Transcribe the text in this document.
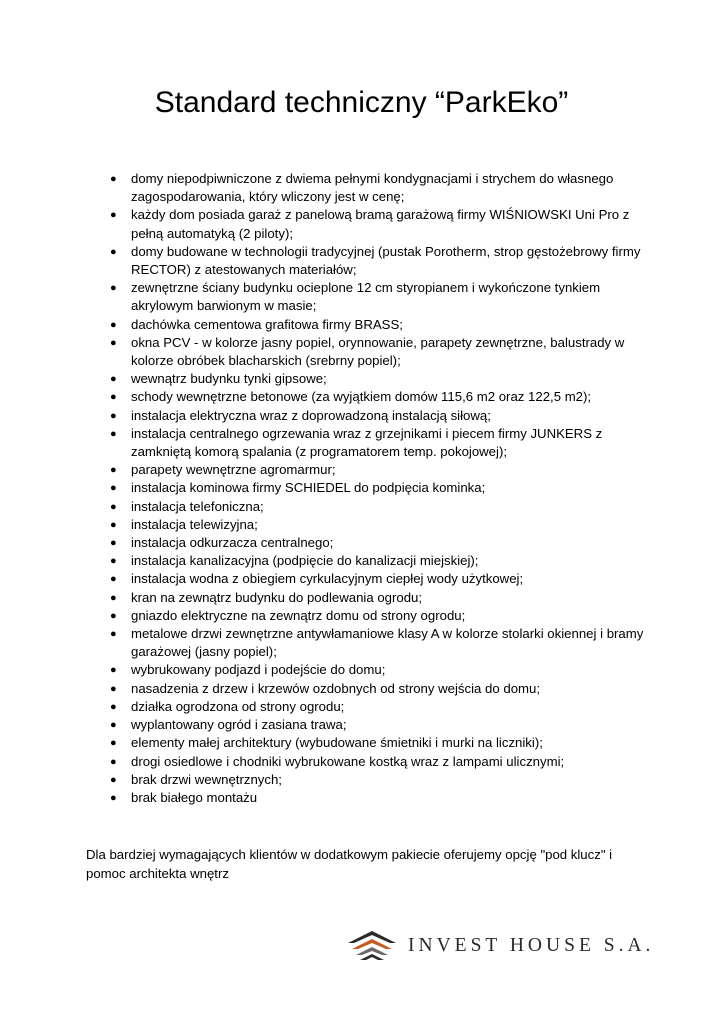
Standard techniczny “ParkEko”
● domy niepodpiwniczone z dwiema pełnymi kondygnacjami i strychem do własnego zagospodarowania, który wliczony jest w cenę;
● każdy dom posiada garaż z panelową bramą garażową firmy WIŚNIOWSKI Uni Pro z pełną automatyką (2 piloty);
● domy budowane w technologii tradycyjnej (pustak Porotherm, strop gęstożebrowy firmy RECTOR) z atestowanych materiałów;
● zewnętrzne ściany budynku ocieplone 12 cm styropianem i wykończone tynkiem akrylowym barwionym w masie;
● dachówka cementowa grafitowa firmy BRASS;
● okna PCV - w kolorze jasny popiel, orynnowanie, parapety zewnętrzne, balustrady w kolorze obróbek blacharskich (srebrny popiel);
● wewnątrz budynku tynki gipsowe;
● schody wewnętrzne betonowe (za wyjątkiem domów 115,6 m2 oraz 122,5 m2);
● instalacja elektryczna wraz z doprowadzoną instalacją siłową;
● instalacja centralnego ogrzewania wraz z grzejnikami i piecem firmy JUNKERS z zamkniętą komorą spalania (z programatorem temp. pokojowej);
● parapety wewnętrzne agromarmur;
● instalacja kominowa firmy SCHIEDEL do podpięcia kominka;
● instalacja telefoniczna;
● instalacja telewizyjna;
● instalacja odkurzacza centralnego;
● instalacja kanalizacyjna (podpięcie do kanalizacji miejskiej);
● instalacja wodna z obiegiem cyrkulacyjnym ciepłej wody użytkowej;
● kran na zewnątrz budynku do podlewania ogrodu;
● gniazdo elektryczne na zewnątrz domu od strony ogrodu;
● metalowe drzwi zewnętrzne antywłamaniowe klasy A w kolorze stolarki okiennej i bramy garażowej (jasny popiel);
● wybrukowany podjazd i podejście do domu;
● nasadzenia z drzew i krzewów ozdobnych od strony wejścia do domu;
● działka ogrodzona od strony ogrodu;
● wyplantowany ogród i zasiana trawa;
● elementy małej architektury (wybudowane śmietniki i murki na liczniki);
● drogi osiedlowe i chodniki wybrukowane kostką wraz z lampami ulicznymi;
● brak drzwi wewnętrznych;
● brak białego montażu

Dla bardziej wymagających klientów w dodatkowym pakiecie oferujemy opcję "pod klucz" i pomoc architekta wnętrz

INVEST HOUSE S.A.
